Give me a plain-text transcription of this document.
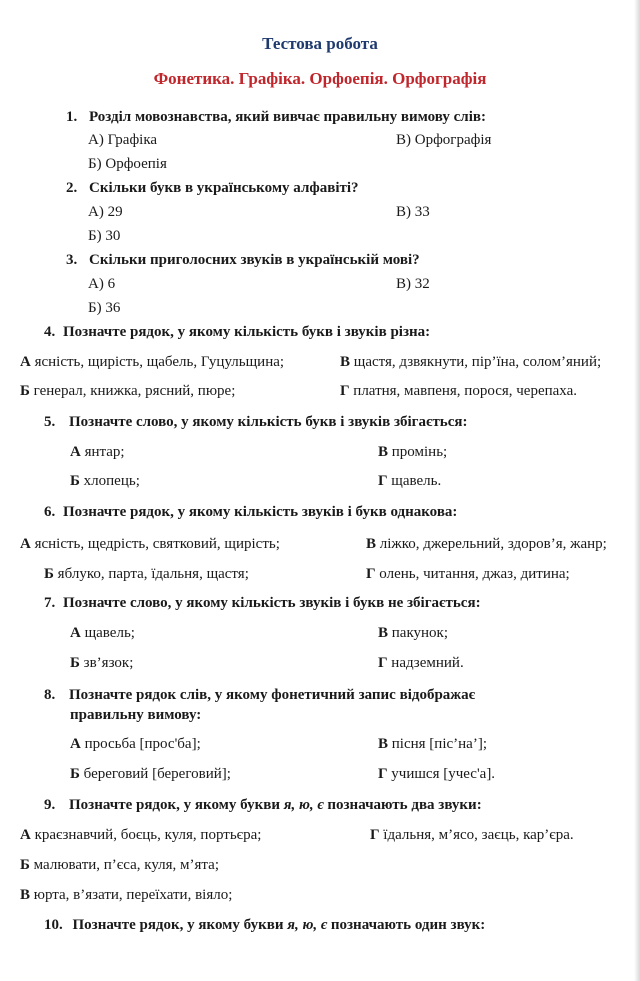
Тестова робота
Фонетика. Графіка. Орфоепія. Орфографія
1. Розділ мовознавства, який вивчає правильну вимову слів:
А) Графіка	В) Орфографія
Б) Орфоепія
2. Скільки букв в українському алфавіті?
А) 29	В) 33
Б) 30
3. Скільки приголосних звуків в українській мові?
А) 6	В) 32
Б) 36
4. Позначте рядок, у якому кількість букв і звуків різна:
А ясність, щирість, щабель, Гуцульщина;	В щастя, дзвякнути, пір’їна, солом’яний;
Б генерал, книжка, рясний, пюре;	Г платня, мавпеня, порося, черепаха.
5. Позначте слово, у якому кількість букв і звуків збігається:
А янтар;	В промінь;
Б хлопець;	Г щавель.
6. Позначте рядок, у якому кількість звуків і букв однакова:
А ясність, щедрість, святковий, щирість;	В ліжко, джерельний, здоров’я, жанр;
Б яблуко, парта, їдальня, щастя;	Г олень, читання, джаз, дитина;
7. Позначте слово, у якому кількість звуків і букв не збігається:
А щавель;	В пакунок;
Б зв’язок;	Г надземний.
8. Позначте рядок слів, у якому фонетичний запис відображає
правильну вимову:
А просьба [прос'ба];	В пісня [піс’на’];
Б береговий [береговий];	Г учишся [учес'а].
9. Позначте рядок, у якому букви я, ю, є позначають два звуки:
А краєзнавчий, боєць, куля, портьєра;	Г їдальня, м’ясо, заєць, кар’єра.
Б малювати, п’єса, куля, м’ята;
В юрта, в’язати, переїхати, віяло;
10. Позначте рядок, у якому букви я, ю, є позначають один звук:
